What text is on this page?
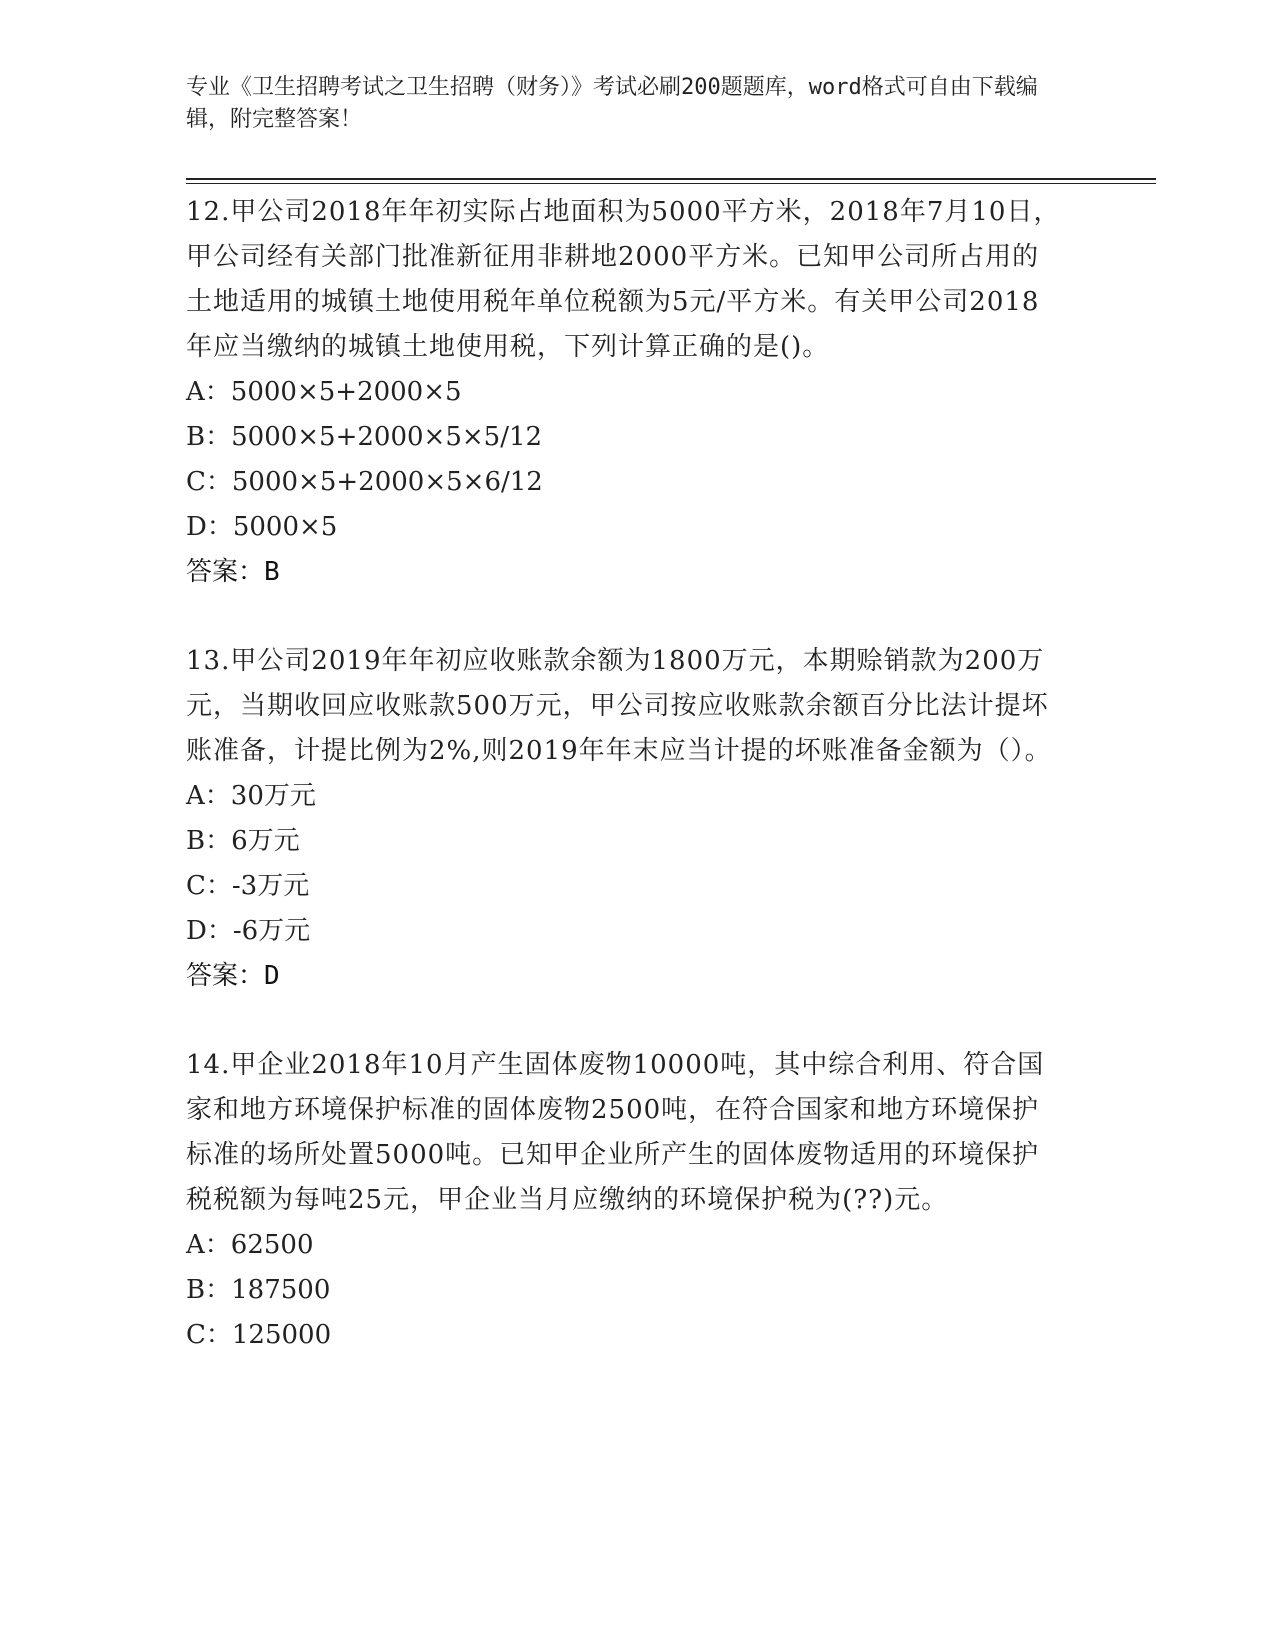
专业《卫生招聘考试之卫生招聘（财务）》考试必刷200题题库，word格式可自由下载编辑，附完整答案！

12.甲公司2018年年初实际占地面积为5000平方米，2018年7月10日，甲公司经有关部门批准新征用非耕地2000平方米。已知甲公司所占用的土地适用的城镇土地使用税年单位税额为5元/平方米。有关甲公司2018年应当缴纳的城镇土地使用税，下列计算正确的是()。

A：5000×5+2000×5

B：5000×5+2000×5×5/12

C：5000×5+2000×5×6/12

D：5000×5

答案：B

13.甲公司2019年年初应收账款余额为1800万元，本期赊销款为200万元，当期收回应收账款500万元，甲公司按应收账款余额百分比法计提坏账准备，计提比例为2%,则2019年年末应当计提的坏账准备金额为（）。

A：30万元

B：6万元

C：-3万元

D：-6万元

答案：D

14.甲企业2018年10月产生固体废物10000吨，其中综合利用、符合国家和地方环境保护标准的固体废物2500吨，在符合国家和地方环境保护标准的场所处置5000吨。已知甲企业所产生的固体废物适用的环境保护税税额为每吨25元，甲企业当月应缴纳的环境保护税为(??)元。

A：62500

B：187500

C：125000
